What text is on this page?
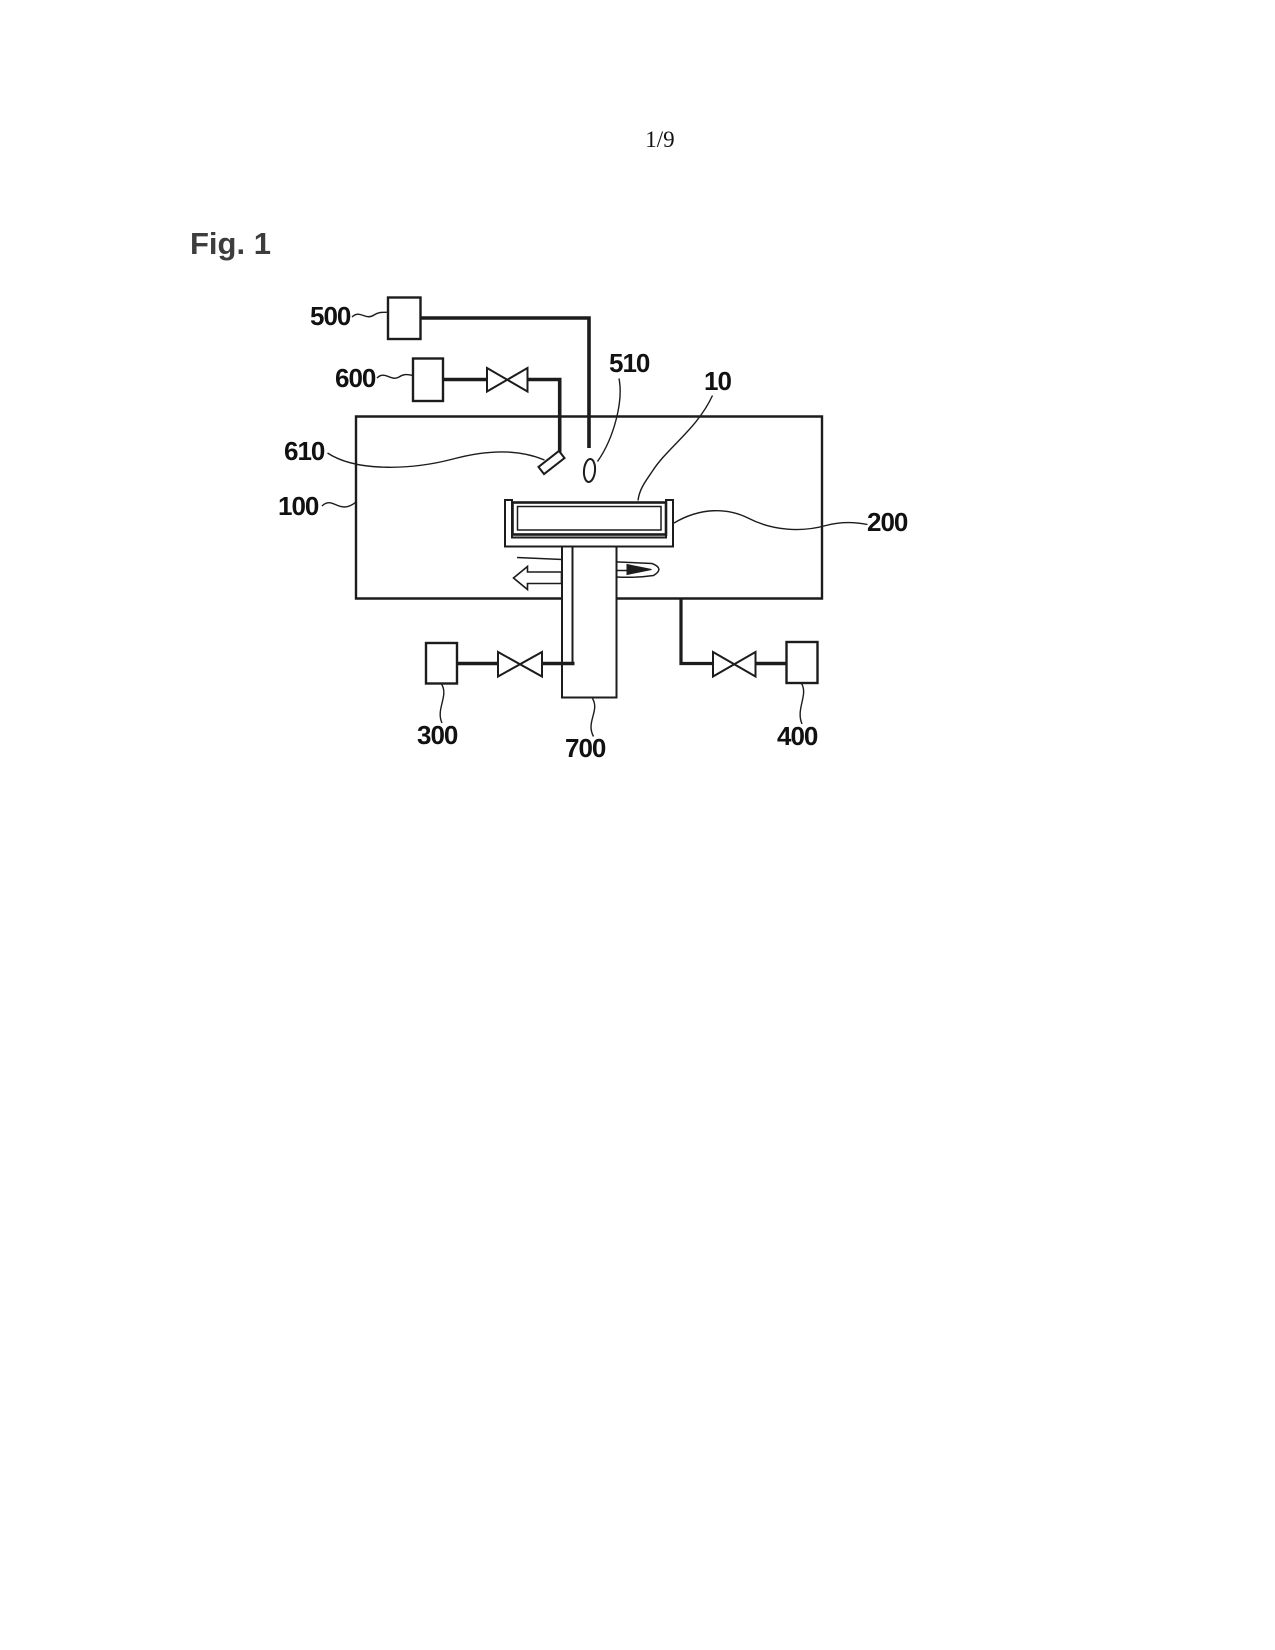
1/9
Fig. 1
500
600
610
100
510
10
200
300	700	400
